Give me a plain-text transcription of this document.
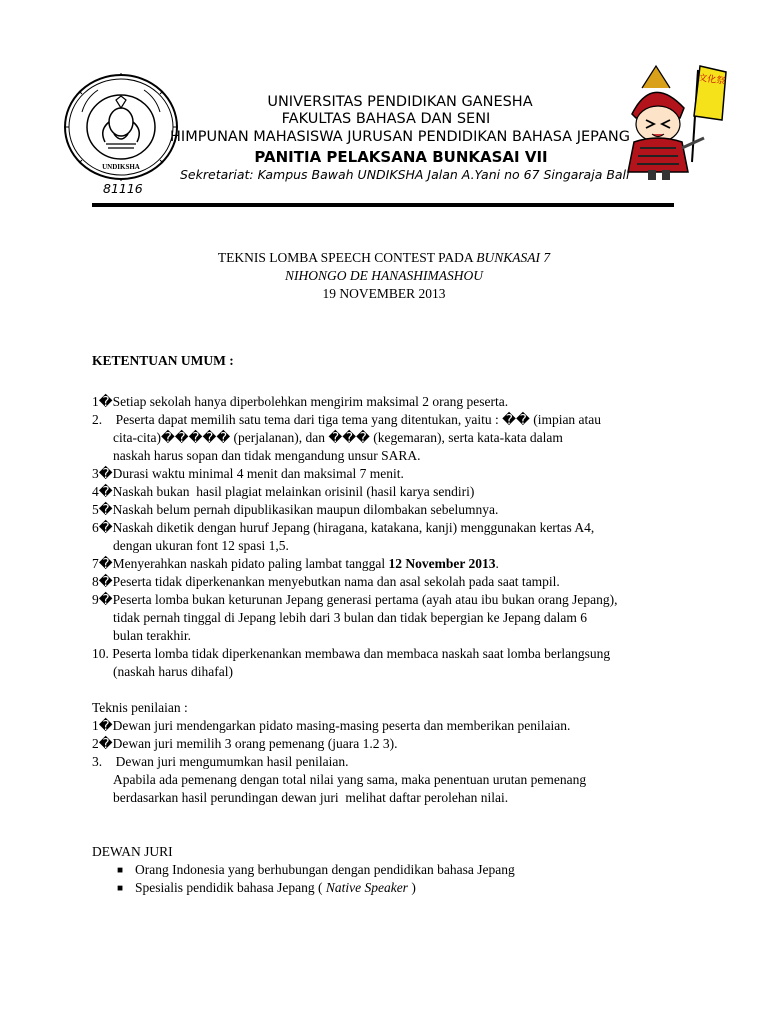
UNDIKSHA
文化祭
UNIVERSITAS PENDIDIKAN GANESHA
FAKULTAS BAHASA DAN SENI
HIMPUNAN MAHASISWA JURUSAN PENDIDIKAN BAHASA JEPANG
PANITIA PELAKSANA BUNKASAI VII
Sekretariat: Kampus Bawah UNDIKSHA Jalan A.Yani no 67 Singaraja Bali
81116
TEKNIS LOMBA SPEECH CONTEST PADA BUNKASAI 7
NIHONGO DE HANASHIMASHOU
19 NOVEMBER 2013
KETENTUAN UMUM :
1�Setiap sekolah hanya diperbolehkan mengirim maksimal 2 orang peserta.
2.    Peserta dapat memilih satu tema dari tiga tema yang ditentukan, yaitu : �� (impian atau
cita-cita)����� (perjalanan), dan ��� (kegemaran), serta kata-kata dalam
naskah harus sopan dan tidak mengandung unsur SARA.
3�Durasi waktu minimal 4 menit dan maksimal 7 menit.
4�Naskah bukan  hasil plagiat melainkan orisinil (hasil karya sendiri)
5�Naskah belum pernah dipublikasikan maupun dilombakan sebelumnya.
6�Naskah diketik dengan huruf Jepang (hiragana, katakana, kanji) menggunakan kertas A4,
dengan ukuran font 12 spasi 1,5.
7�Menyerahkan naskah pidato paling lambat tanggal 12 November 2013.
8�Peserta tidak diperkenankan menyebutkan nama dan asal sekolah pada saat tampil.
9�Peserta lomba bukan keturunan Jepang generasi pertama (ayah atau ibu bukan orang Jepang),
tidak pernah tinggal di Jepang lebih dari 3 bulan dan tidak bepergian ke Jepang dalam 6
bulan terakhir.
10. Peserta lomba tidak diperkenankan membawa dan membaca naskah saat lomba berlangsung
(naskah harus dihafal)
Teknis penilaian :
1�Dewan juri mendengarkan pidato masing-masing peserta dan memberikan penilaian.
2�Dewan juri memilih 3 orang pemenang (juara 1.2 3).
3.    Dewan juri mengumumkan hasil penilaian.
Apabila ada pemenang dengan total nilai yang sama, maka penentuan urutan pemenang
berdasarkan hasil perundingan dewan juri  melihat daftar perolehan nilai.
DEWAN JURI
■ Orang Indonesia yang berhubungan dengan pendidikan bahasa Jepang
■ Spesialis pendidik bahasa Jepang ( Native Speaker )
